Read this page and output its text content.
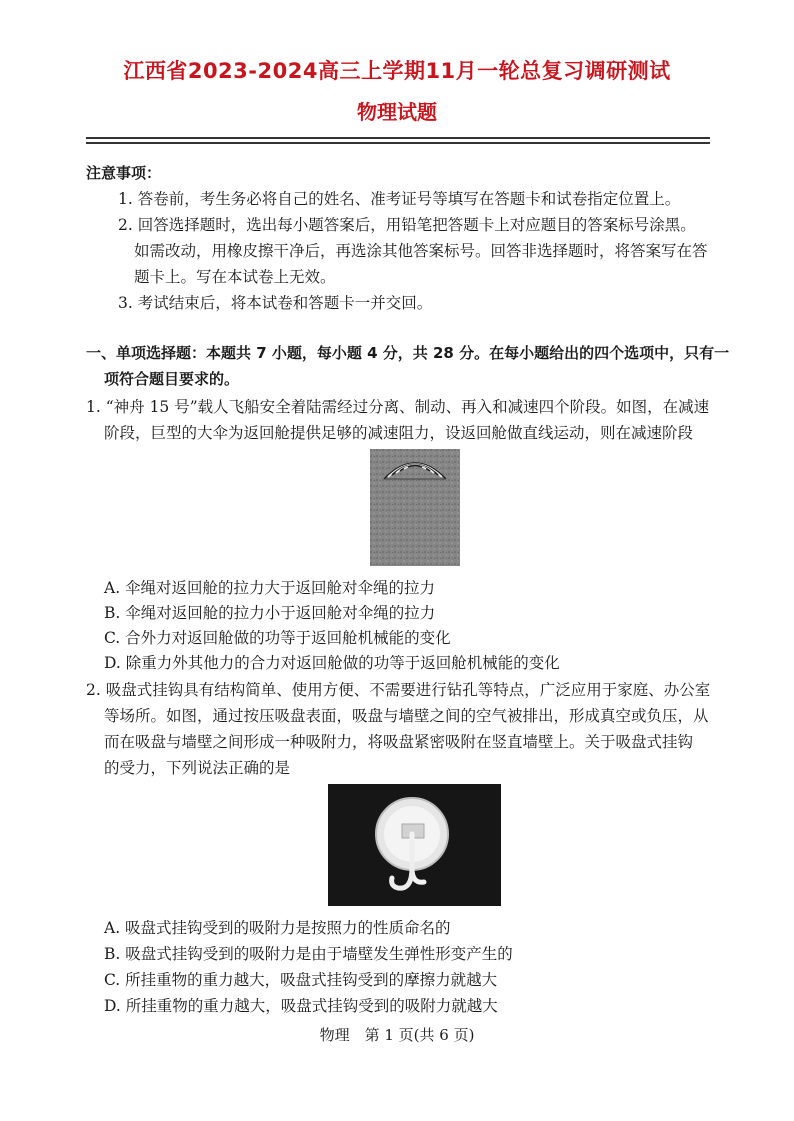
江西省2023-2024高三上学期11月一轮总复习调研测试
物理试题
注意事项：
1. 答卷前，考生务必将自己的姓名、准考证号等填写在答题卡和试卷指定位置上。
2. 回答选择题时，选出每小题答案后，用铅笔把答题卡上对应题目的答案标号涂黑。
如需改动，用橡皮擦干净后，再选涂其他答案标号。回答非选择题时，将答案写在答
题卡上。写在本试卷上无效。
3. 考试结束后，将本试卷和答题卡一并交回。
一、单项选择题：本题共 7 小题，每小题 4 分，共 28 分。在每小题给出的四个选项中，只有一
项符合题目要求的。
1. “神舟 15 号”载人飞船安全着陆需经过分离、制动、再入和减速四个阶段。如图，在减速
阶段，巨型的大伞为返回舱提供足够的减速阻力，设返回舱做直线运动，则在减速阶段
A. 伞绳对返回舱的拉力大于返回舱对伞绳的拉力
B. 伞绳对返回舱的拉力小于返回舱对伞绳的拉力
C. 合外力对返回舱做的功等于返回舱机械能的变化
D. 除重力外其他力的合力对返回舱做的功等于返回舱机械能的变化
2. 吸盘式挂钩具有结构简单、使用方便、不需要进行钻孔等特点，广泛应用于家庭、办公室
等场所。如图，通过按压吸盘表面，吸盘与墙壁之间的空气被排出，形成真空或负压，从
而在吸盘与墙壁之间形成一种吸附力，将吸盘紧密吸附在竖直墙壁上。关于吸盘式挂钩
的受力，下列说法正确的是
A. 吸盘式挂钩受到的吸附力是按照力的性质命名的
B. 吸盘式挂钩受到的吸附力是由于墙壁发生弹性形变产生的
C. 所挂重物的重力越大，吸盘式挂钩受到的摩擦力就越大
D. 所挂重物的重力越大，吸盘式挂钩受到的吸附力就越大
物理　第 1 页(共 6 页)
